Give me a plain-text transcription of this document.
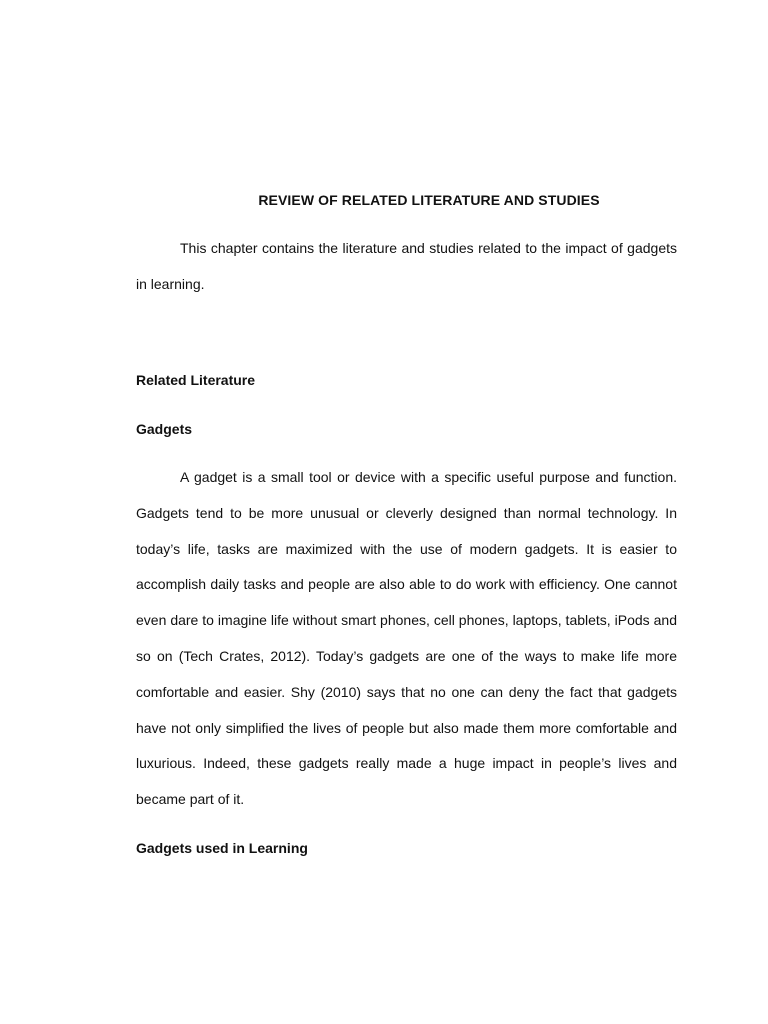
REVIEW OF RELATED LITERATURE AND STUDIES
This chapter contains the literature and studies related to the impact of gadgets in learning.
Related Literature
Gadgets
A gadget is a small tool or device with a specific useful purpose and function. Gadgets tend to be more unusual or cleverly designed than normal technology. In today’s life, tasks are maximized with the use of modern gadgets. It is easier to accomplish daily tasks and people are also able to do work with efficiency. One cannot even dare to imagine life without smart phones, cell phones, laptops, tablets, iPods and so on (Tech Crates, 2012). Today’s gadgets are one of the ways to make life more comfortable and easier. Shy (2010) says that no one can deny the fact that gadgets have not only simplified the lives of people but also made them more comfortable and luxurious. Indeed, these gadgets really made a huge impact in people’s lives and became part of it.
Gadgets used in Learning
